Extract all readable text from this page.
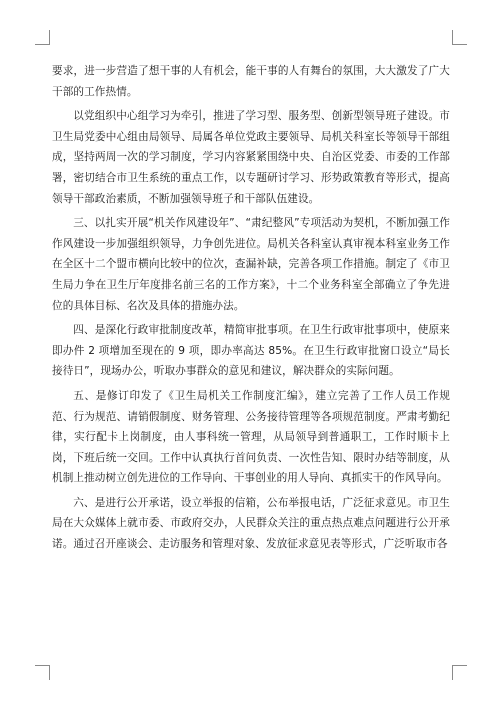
要求，进一步营造了想干事的人有机会，能干事的人有舞台的氛围，大大激发了广大干部的工作热情。

以党组织中心组学习为牵引，推进了学习型、服务型、创新型领导班子建设。市卫生局党委中心组由局领导、局属各单位党政主要领导、局机关科室长等领导干部组成，坚持两周一次的学习制度，学习内容紧紧围绕中央、自治区党委、市委的工作部署，密切结合市卫生系统的重点工作，以专题研讨学习、形势政策教育等形式，提高领导干部政治素质，不断加强领导班子和干部队伍建设。

三、以扎实开展“机关作风建设年”、“肃纪整风”专项活动为契机，不断加强工作作风建设一步加强组织领导，力争创先进位。局机关各科室认真审视本科室业务工作在全区十二个盟市横向比较中的位次，查漏补缺，完善各项工作措施。制定了《市卫生局力争在卫生厅年度排名前三名的工作方案》，十二个业务科室全部确立了争先进位的具体目标、名次及具体的措施办法。

四、是深化行政审批制度改革，精简审批事项。在卫生行政审批事项中，使原来即办件 2 项增加至现在的 9 项，即办率高达 85%。在卫生行政审批窗口设立“局长接待日”，现场办公，听取办事群众的意见和建议，解决群众的实际问题。

五、是修订印发了《卫生局机关工作制度汇编》，建立完善了工作人员工作规范、行为规范、请销假制度、财务管理、公务接待管理等各项规范制度。严肃考勤纪律，实行配卡上岗制度，由人事科统一管理，从局领导到普通职工，工作时顺卡上岗，下班后统一交回。工作中认真执行首问负责、一次性告知、限时办结等制度，从机制上推动树立创先进位的工作导向、干事创业的用人导向、真抓实干的作风导向。

六、是进行公开承诺，设立举报的信箱，公布举报电话，广泛征求意见。市卫生局在大众媒体上就市委、市政府交办，人民群众关注的重点热点难点问题进行公开承诺。通过召开座谈会、走访服务和管理对象、发放征求意见表等形式，广泛听取市各
